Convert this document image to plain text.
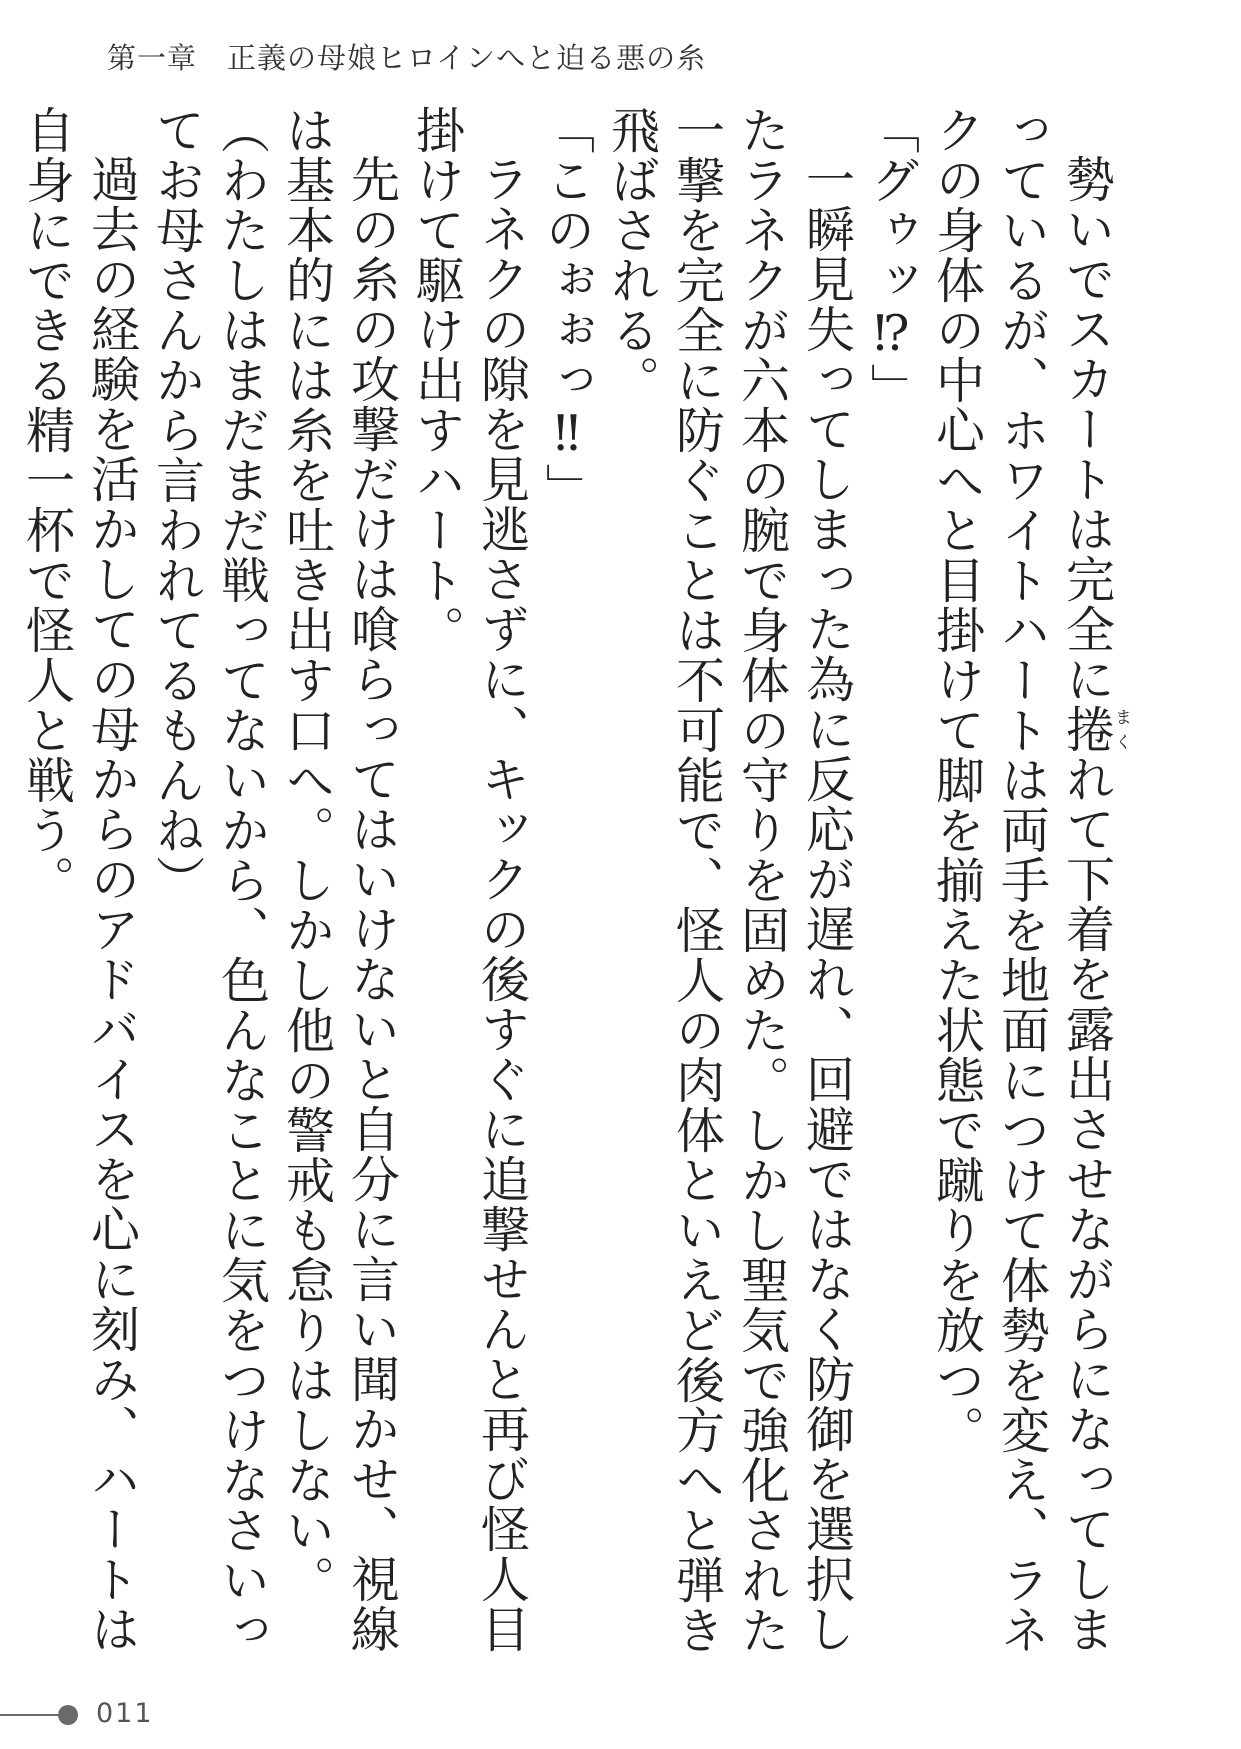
第一章　正義の母娘ヒロインへと迫る悪の糸

勢いでスカートは完全に捲まくれて下着を露出させながらになってしまっているが、ホワイトハートは両手を地面につけて体勢を変え、ラネクの身体の中心へと目掛けて脚を揃えた状態で蹴りを放つ。

「グゥッ⁉」

一瞬見失ってしまった為に反応が遅れ、回避ではなく防御を選択したラネクが六本の腕で身体の守りを固めた。しかし聖気で強化された一撃を完全に防ぐことは不可能で、怪人の肉体といえど後方へと弾き飛ばされる。

「このぉぉっ‼」

ラネクの隙を見逃さずに、キックの後すぐに追撃せんと再び怪人目掛けて駆け出すハート。

先の糸の攻撃だけは喰らってはいけないと自分に言い聞かせ、視線は基本的には糸を吐き出す口へ。しかし他の警戒も怠りはしない。

（わたしはまだまだ戦ってないから、色んなことに気をつけなさいってお母さんから言われてるもんね）

過去の経験を活かしての母からのアドバイスを心に刻み、ハートは自身にできる精一杯で怪人と戦う。

011
